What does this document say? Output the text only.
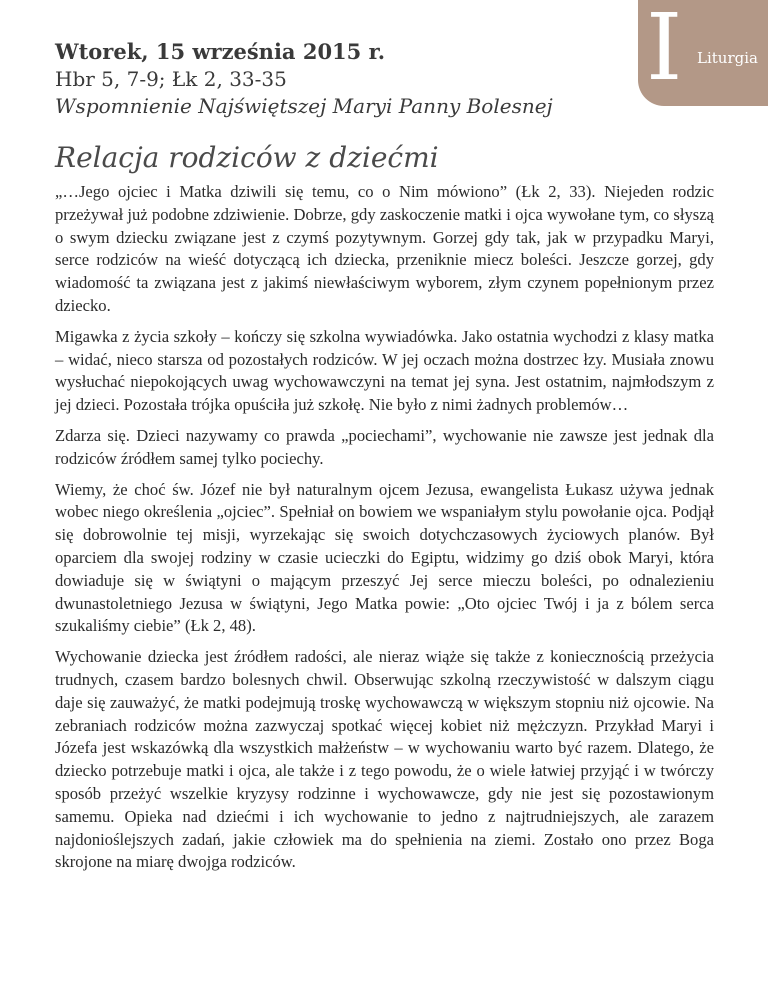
I Liturgia
Wtorek, 15 września 2015 r.
Hbr 5, 7-9; Łk 2, 33-35
Wspomnienie Najświętszej Maryi Panny Bolesnej
Relacja rodziców z dziećmi

„…Jego ojciec i Matka dziwili się temu, co o Nim mówiono” (Łk 2, 33). Niejeden rodzic przeżywał już podobne zdziwienie. Dobrze, gdy zaskoczenie matki i ojca wywołane tym, co słyszą o swym dziecku związane jest z czymś pozytywnym. Gorzej gdy tak, jak w przypadku Maryi, serce rodziców na wieść dotyczącą ich dziecka, przeniknie miecz boleści. Jeszcze gorzej, gdy wiadomość ta związana jest z jakimś niewłaściwym wyborem, złym czynem popełnionym przez dziecko.

Migawka z życia szkoły – kończy się szkolna wywiadówka. Jako ostatnia wychodzi z klasy matka – widać, nieco starsza od pozostałych rodziców. W jej oczach można dostrzec łzy. Musiała znowu wysłuchać niepokojących uwag wychowawczyni na temat jej syna. Jest ostatnim, najmłodszym z jej dzieci. Pozostała trójka opuściła już szkołę. Nie było z nimi żadnych problemów…

Zdarza się. Dzieci nazywamy co prawda „pociechami”, wychowanie nie zawsze jest jednak dla rodziców źródłem samej tylko pociechy.

Wiemy, że choć św. Józef nie był naturalnym ojcem Jezusa, ewangelista Łukasz używa jednak wobec niego określenia „ojciec”. Spełniał on bowiem we wspaniałym stylu powołanie ojca. Podjął się dobrowolnie tej misji, wyrzekając się swoich dotychczasowych życiowych planów. Był oparciem dla swojej rodziny w czasie ucieczki do Egiptu, widzimy go dziś obok Maryi, która dowiaduje się w świątyni o mającym przeszyć Jej serce mieczu boleści, po odnalezieniu dwunastoletniego Jezusa w świątyni, Jego Matka powie: „Oto ojciec Twój i ja z bólem serca szukaliśmy ciebie” (Łk 2, 48).

Wychowanie dziecka jest źródłem radości, ale nieraz wiąże się także z koniecznością przeżycia trudnych, czasem bardzo bolesnych chwil. Obserwując szkolną rzeczywistość w dalszym ciągu daje się zauważyć, że matki podejmują troskę wychowawczą w większym stopniu niż ojcowie. Na zebraniach rodziców można zazwyczaj spotkać więcej kobiet niż mężczyzn. Przykład Maryi i Józefa jest wskazówką dla wszystkich małżeństw – w wychowaniu warto być razem. Dlatego, że dziecko potrzebuje matki i ojca, ale także i z tego powodu, że o wiele łatwiej przyjąć i w twórczy sposób przeżyć wszelkie kryzysy rodzinne i wychowawcze, gdy nie jest się pozostawionym samemu. Opieka nad dziećmi i ich wychowanie to jedno z najtrudniejszych, ale zarazem najdonioślejszych zadań, jakie człowiek ma do spełnienia na ziemi. Zostało ono przez Boga skrojone na miarę dwojga rodziców.
